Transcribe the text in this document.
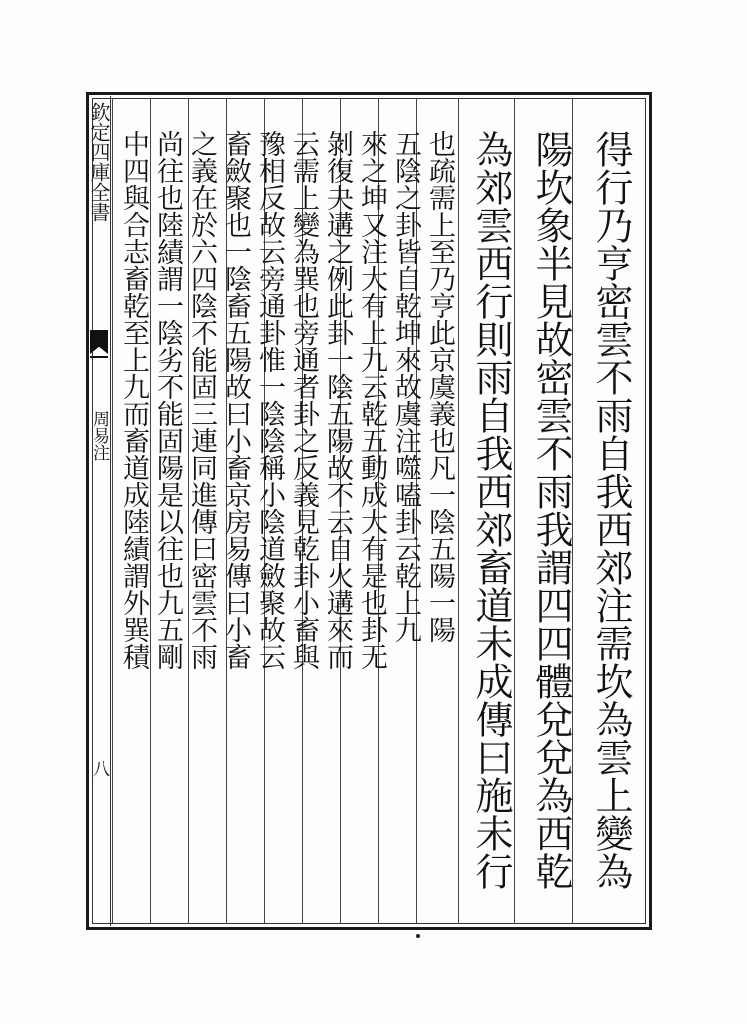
欽定四庫全書
周易注
八	得行乃亨密雲不雨自我西郊注需坎為雲上變為
陽坎象半見故密雲不雨我謂四四體兌兌為西乾
為郊雲西行則雨自我西郊畜道未成傳曰施未行
也疏需上至乃亨此京虞義也凡一陰五陽一陽
五陰之卦皆自乾坤來故虞注噬嗑卦云乾上九
來之坤又注大有上九云乾五動成大有是也卦无
剝復夬遘之例此卦一陰五陽故不云自火遘來而
云需上變為巽也旁通者卦之反義見乾卦小畜與
豫相反故云旁通卦惟一陰陰稱小陰道斂聚故云
畜斂聚也一陰畜五陽故曰小畜京房易傳曰小畜
之義在於六四陰不能固三連同進傳曰密雲不雨
尚往也陸績謂一陰劣不能固陽是以往也九五剛
中四與合志畜乾至上九而畜道成陸績謂外巽積
